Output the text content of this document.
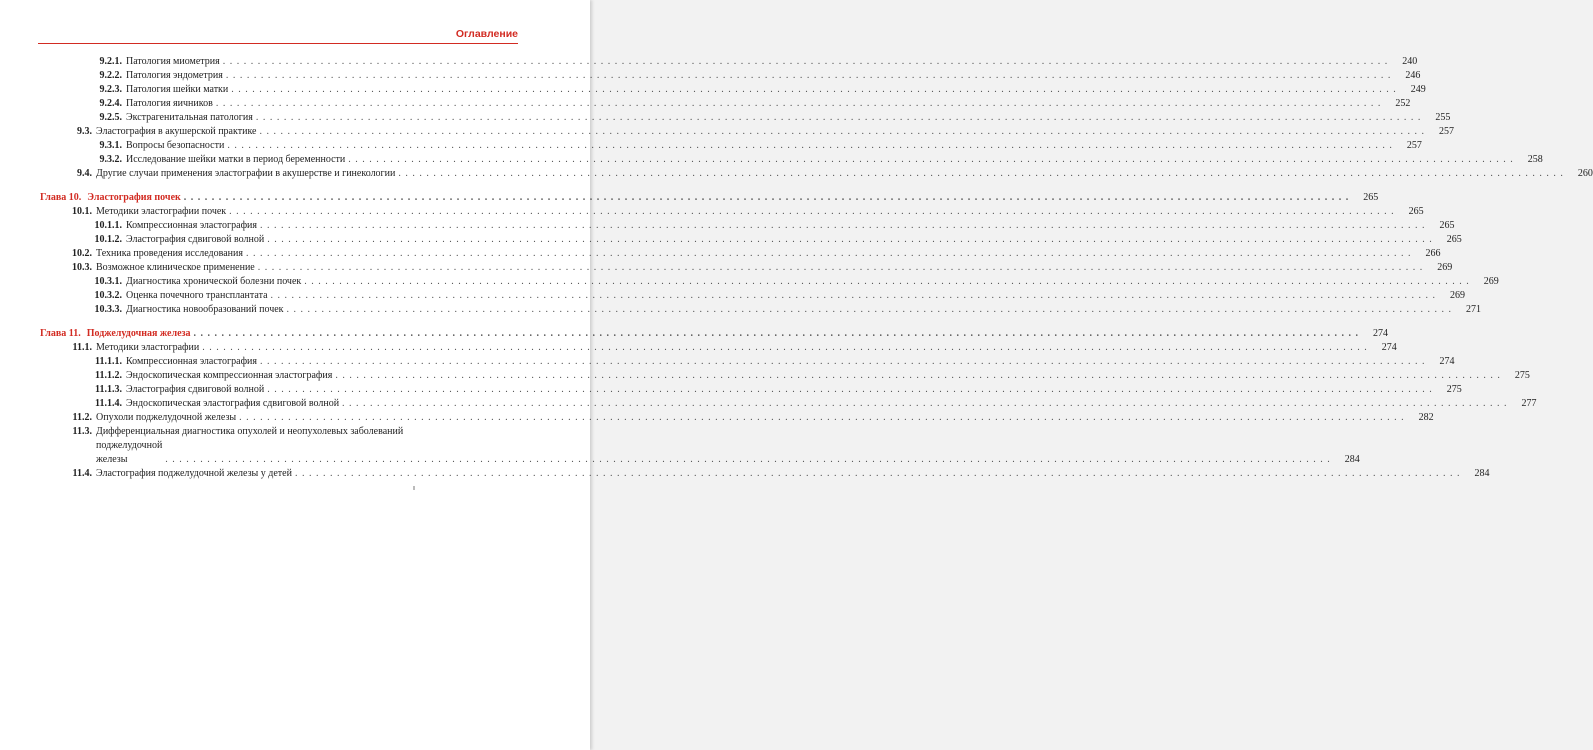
Оглавление
9.2.1. Патология миометрия . . .	240
9.2.2. Патология эндометрия . . .	246
9.2.3. Патология шейки матки . . .	249
9.2.4. Патология яичников . . .	252
9.2.5. Экстрагенитальная патология . . .	255
9.3. Эластография в акушерской практике . . .	257
9.3.1. Вопросы безопасности . . .	257
9.3.2. Исследование шейки матки в период беременности . . .	258
9.4. Другие случаи применения эластографии в акушерстве и гинекологии . . .	260
Глава 10. Эластография почек . . .	265
10.1. Методики эластографии почек . . .	265
10.1.1. Компрессионная эластография . . .	265
10.1.2. Эластография сдвиговой волной . . .	265
10.2. Техника проведения исследования . . .	266
10.3. Возможное клиническое применение . . .	269
10.3.1. Диагностика хронической болезни почек . . .	269
10.3.2. Оценка почечного трансплантата . . .	269
10.3.3. Диагностика новообразований почек . . .	271
Глава 11. Поджелудочная железа . . .	274
11.1. Методики эластографии . . .	274
11.1.1. Компрессионная эластография . . .	274
11.1.2. Эндоскопическая компрессионная эластография . . .	275
11.1.3. Эластография сдвиговой волной . . .	275
11.1.4. Эндоскопическая эластография сдвиговой волной . . .	277
11.2. Опухоли поджелудочной железы . . .	282
11.3. Дифференциальная диагностика опухолей и неопухолевых заболеваний
поджелудочной железы . . .	284
11.4. Эластография поджелудочной железы у детей . . .	284
